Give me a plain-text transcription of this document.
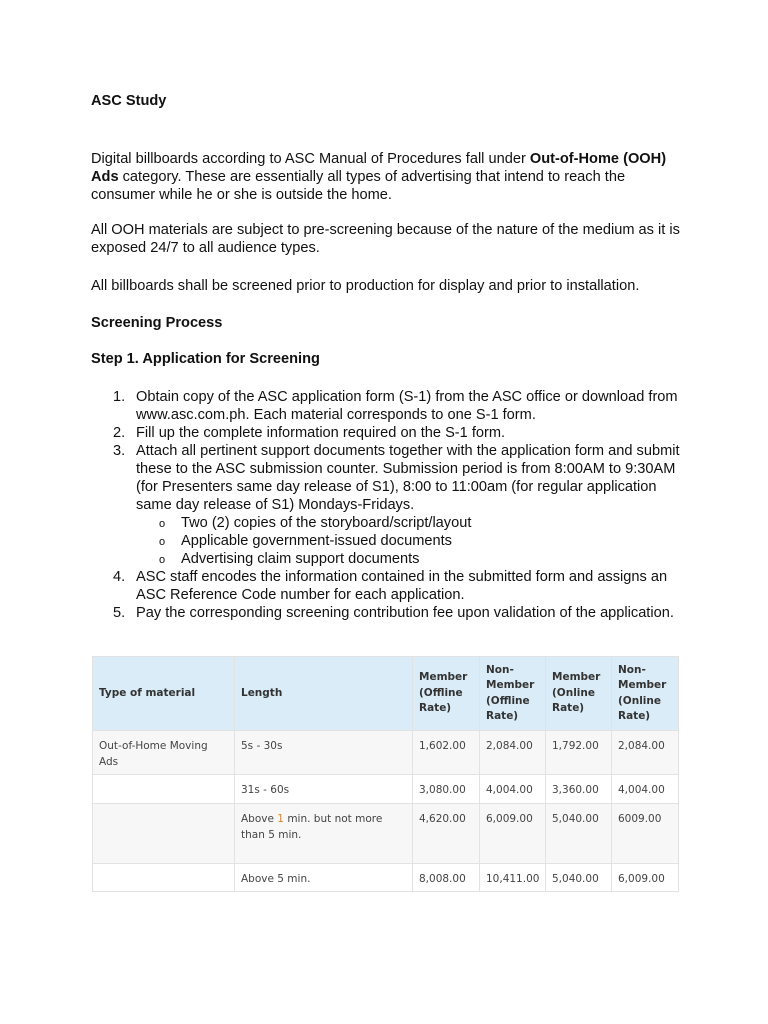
ASC Study
Digital billboards according to ASC Manual of Procedures fall under Out-of-Home (OOH) Ads category. These are essentially all types of advertising that intend to reach the consumer while he or she is outside the home.
All OOH materials are subject to pre-screening because of the nature of the medium as it is exposed 24/7 to all audience types.
All billboards shall be screened prior to production for display and prior to installation.
Screening Process
Step 1. Application for Screening
1. Obtain copy of the ASC application form (S-1) from the ASC office or download from www.asc.com.ph. Each material corresponds to one S-1 form.
2. Fill up the complete information required on the S-1 form.
3. Attach all pertinent support documents together with the application form and submit these to the ASC submission counter. Submission period is from 8:00AM to 9:30AM (for Presenters same day release of S1), 8:00 to 11:00am (for regular application same day release of S1) Mondays-Fridays.
o Two (2) copies of the storyboard/script/layout
o Applicable government-issued documents
o Advertising claim support documents
4. ASC staff encodes the information contained in the submitted form and assigns an ASC Reference Code number for each application.
5. Pay the corresponding screening contribution fee upon validation of the application.
Type of material	Length	Member (Offline Rate)	Non-Member (Offline Rate)	Member (Online Rate)	Non-Member (Online Rate)
Out-of-Home Moving Ads	5s - 30s	1,602.00	2,084.00	1,792.00	2,084.00
	31s - 60s	3,080.00	4,004.00	3,360.00	4,004.00
	Above 1 min. but not more than 5 min.	4,620.00	6,009.00	5,040.00	6009.00
	Above 5 min.	8,008.00	10,411.00	5,040.00	6,009.00
